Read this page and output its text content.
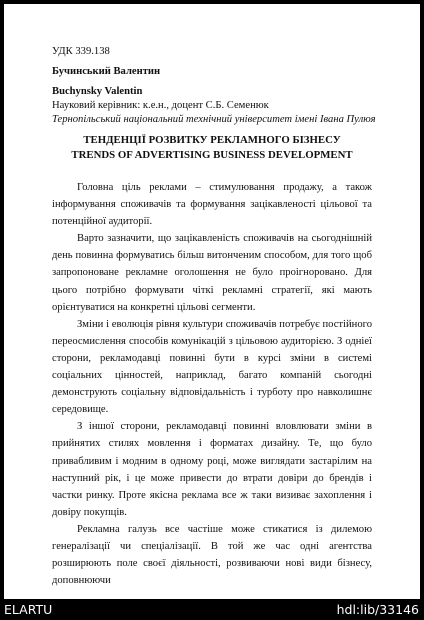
УДК 339.138
Бучинський Валентин
Buchynsky Valentin
Науковий керівник: к.е.н., доцент С.Б. Семенюк
Тернопільський національний технічний університет імені Івана Пулюя
ТЕНДЕНЦІЇ РОЗВИТКУ РЕКЛАМНОГО БІЗНЕСУ
TRENDS OF ADVERTISING BUSINESS DEVELOPMENT

Головна ціль реклами – стимулювання продажу, а також інформування споживачів та формування зацікавленості цільової та потенційної аудиторії.

Варто зазначити, що зацікавленість споживачів на сьогоднішній день повинна формуватись більш витонченим способом, для того щоб запропоноване рекламне оголошення не було проігноровано. Для цього потрібно формувати чіткі рекламні стратегії, які мають орієнтуватися на конкретні цільові сегменти.

Зміни і еволюція рівня культури споживачів потребує постійного переосмислення способів комунікацій з цільовою аудиторією. З одніеї сторони, рекламодавці повинні бути в курсі зміни в системі соціальних цінностей, наприклад, багато компаній сьогодні демонструють соціальну відповідальність і турботу про навколишнє середовище.

З іншої сторони, рекламодавці повинні вловлювати зміни в прийнятих стилях мовлення і форматах дизайну. Те, що було привабливим і модним в одному році, може виглядати застарілим на наступний рік, і це може привести до втрати довіри до брендів і частки ринку. Проте якісна реклама все ж таки визиває захоплення і довіру покупців.

Рекламна галузь все частіше може стикатися із дилемою генералізації чи спеціалізації. В той же час одні агентства розширюють поле своєї діяльності, розвиваючи нові види бізнесу, доповнюючи

ELARTU	hdl:lib/33146
